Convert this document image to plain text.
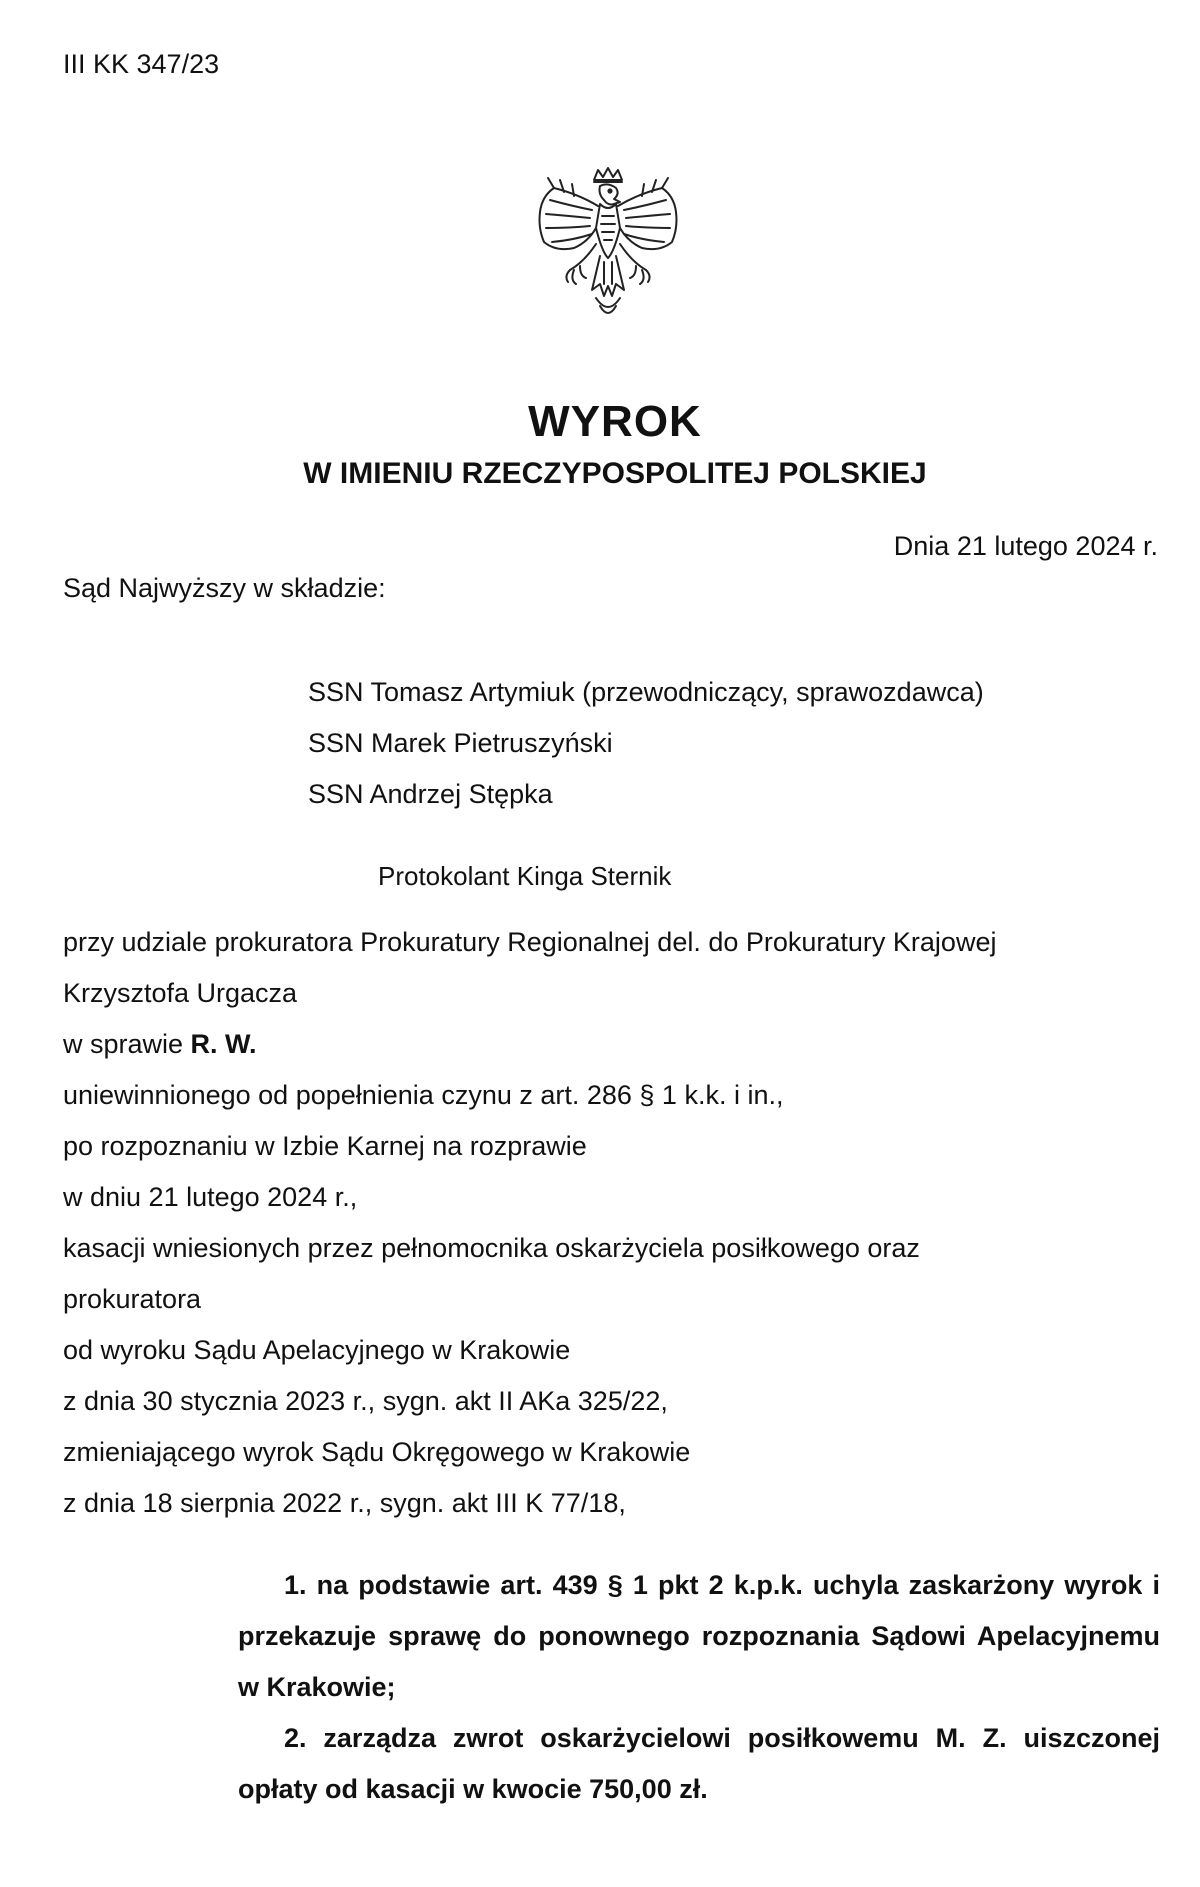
III KK 347/23
WYROK
W IMIENIU RZECZYPOSPOLITEJ POLSKIEJ
Dnia 21 lutego 2024 r.
Sąd Najwyższy w składzie:
SSN Tomasz Artymiuk (przewodniczący, sprawozdawca)
SSN Marek Pietruszyński
SSN Andrzej Stępka
Protokolant Kinga Sternik
przy udziale prokuratora Prokuratury Regionalnej del. do Prokuratury Krajowej
Krzysztofa Urgacza
w sprawie R. W.
uniewinnionego od popełnienia czynu z art. 286 § 1 k.k. i in.,
po rozpoznaniu w Izbie Karnej na rozprawie
w dniu 21 lutego 2024 r.,
kasacji wniesionych przez pełnomocnika oskarżyciela posiłkowego oraz
prokuratora
od wyroku Sądu Apelacyjnego w Krakowie
z dnia 30 stycznia 2023 r., sygn. akt II AKa 325/22,
zmieniającego wyrok Sądu Okręgowego w Krakowie
z dnia 18 sierpnia 2022 r., sygn. akt III K 77/18,

1. na podstawie art. 439 § 1 pkt 2 k.p.k. uchyla zaskarżony wyrok i przekazuje sprawę do ponownego rozpoznania Sądowi Apelacyjnemu w Krakowie;

2. zarządza zwrot oskarżycielowi posiłkowemu M. Z. uiszczonej opłaty od kasacji w kwocie 750,00 zł.
